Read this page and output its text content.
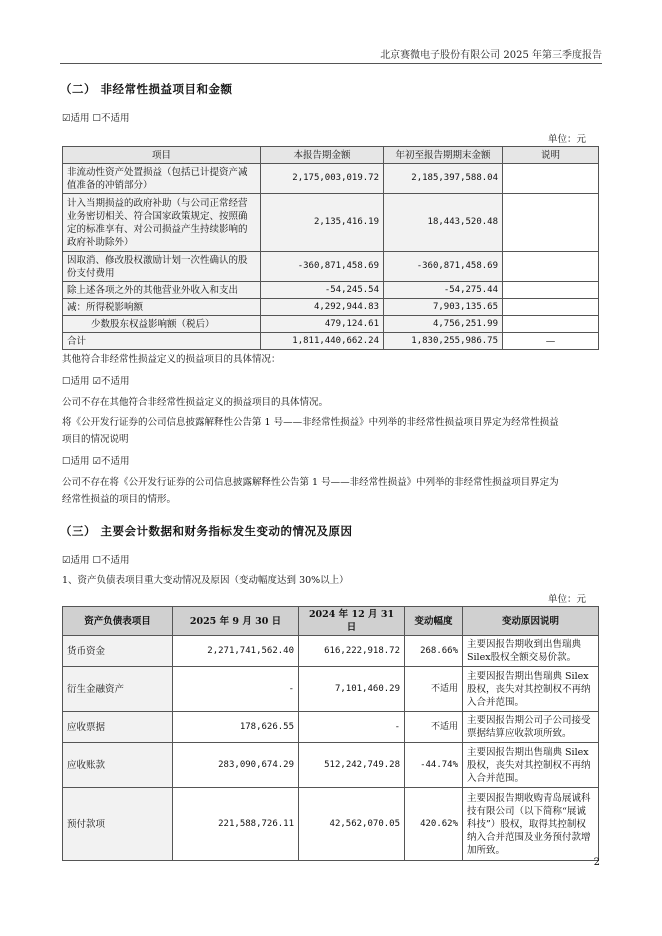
北京赛微电子股份有限公司 2025 年第三季度报告
（二） 非经常性损益项目和金额
☑适用 ☐不适用
单位：元
项目	本报告期金额	年初至报告期期末金额	说明
非流动性资产处置损益（包括已计提资产减值准备的冲销部分）	2,175,003,019.72	2,185,397,588.04	
计入当期损益的政府补助（与公司正常经营业务密切相关、符合国家政策规定、按照确定的标准享有、对公司损益产生持续影响的政府补助除外）	2,135,416.19	18,443,520.48	
因取消、修改股权激励计划一次性确认的股份支付费用	-360,871,458.69	-360,871,458.69	
除上述各项之外的其他营业外收入和支出	-54,245.54	-54,275.44	
减：所得税影响额	4,292,944.83	7,903,135.65	
少数股东权益影响额（税后）	479,124.61	4,756,251.99	
合计	1,811,440,662.24	1,830,255,986.75	—
其他符合非经常性损益定义的损益项目的具体情况：
☐适用 ☑不适用
公司不存在其他符合非经常性损益定义的损益项目的具体情况。
将《公开发行证券的公司信息披露解释性公告第 1 号——非经常性损益》中列举的非经常性损益项目界定为经常性损益
项目的情况说明
☐适用 ☑不适用
公司不存在将《公开发行证券的公司信息披露解释性公告第 1 号——非经常性损益》中列举的非经常性损益项目界定为
经常性损益的项目的情形。
（三） 主要会计数据和财务指标发生变动的情况及原因
☑适用 ☐不适用
1、资产负债表项目重大变动情况及原因（变动幅度达到 30%以上）
单位：元
资产负债表项目	2025 年 9 月 30 日	2024 年 12 月 31 日	变动幅度	变动原因说明
货币资金	2,271,741,562.40	616,222,918.72	268.66%	主要因报告期收到出售瑞典Silex股权全额交易价款。
衍生金融资产	-	7,101,460.29	不适用	主要因报告期出售瑞典 Silex股权，丧失对其控制权不再纳入合并范围。
应收票据	178,626.55	-	不适用	主要因报告期公司子公司接受票据结算应收款项所致。
应收账款	283,090,674.29	512,242,749.28	-44.74%	主要因报告期出售瑞典 Silex股权，丧失对其控制权不再纳入合并范围。
预付款项	221,588,726.11	42,562,070.05	420.62%	主要因报告期收购青岛展诚科技有限公司（以下简称“展诚科技”）股权，取得其控制权纳入合并范围及业务预付款增加所致。
2
